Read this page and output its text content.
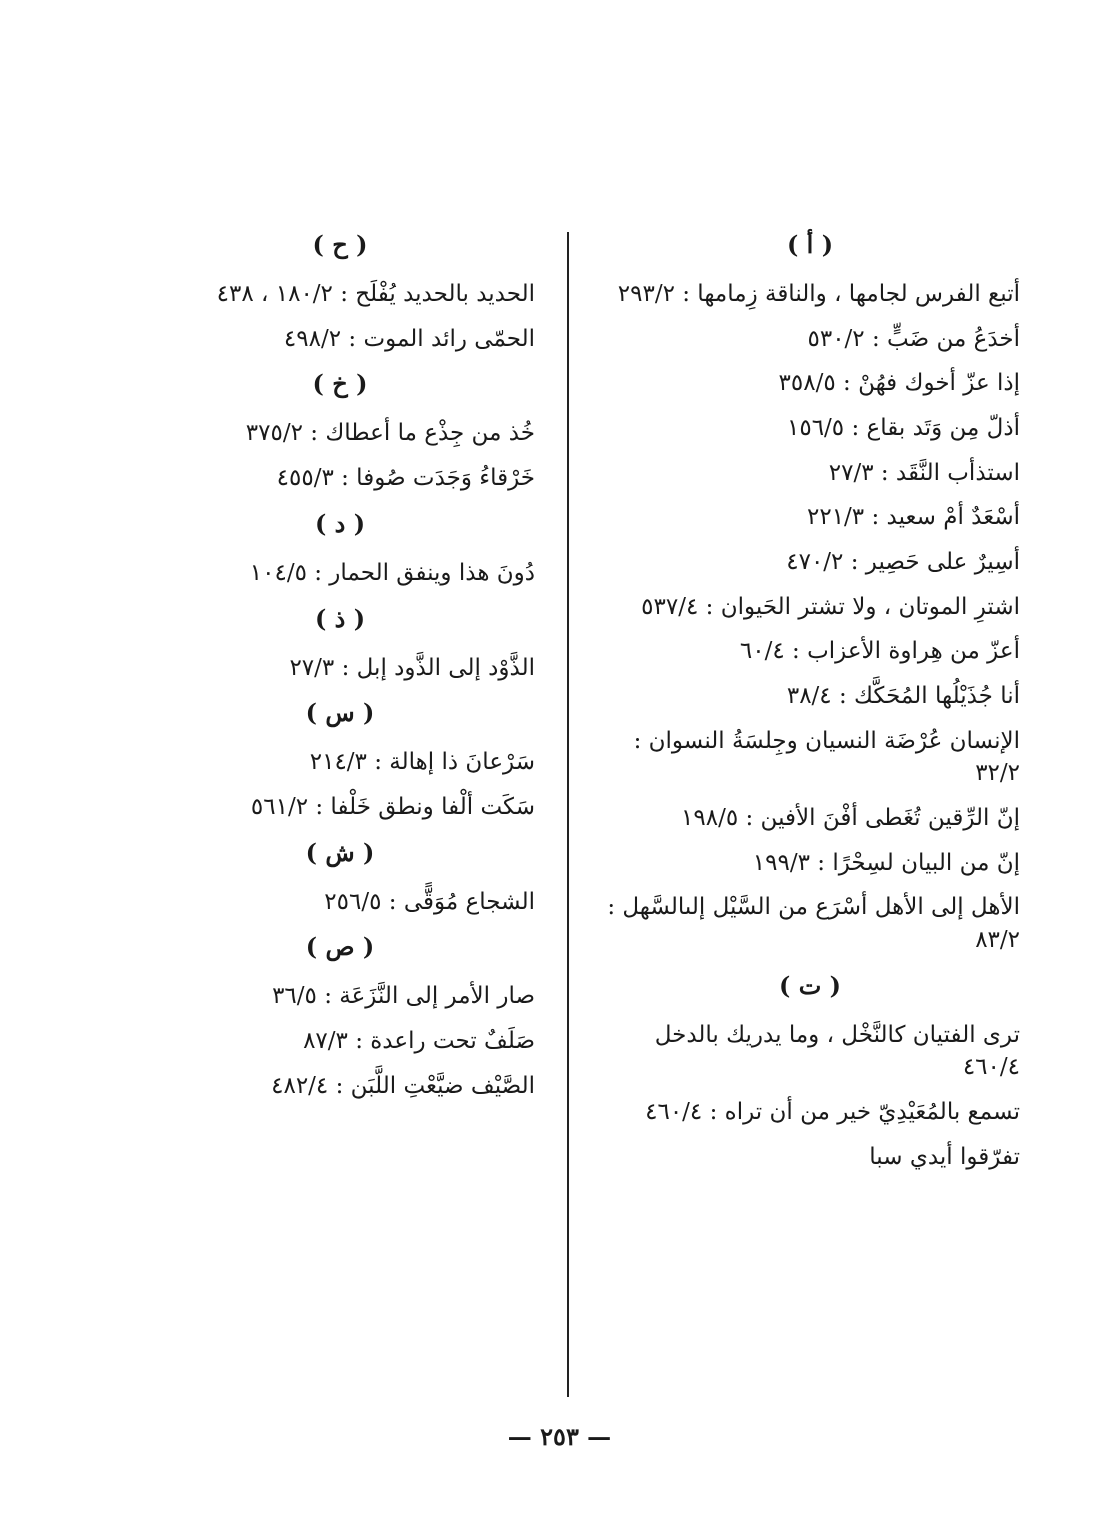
( أ )
أتبع الفرس لجامها ، والناقة زِمامها : ٢٩٣/٢
أخدَعُ من ضَبٍّ : ٥٣٠/٢
إذا عزّ أخوك فهُنْ : ٣٥٨/٥
أذلّ مِن وَتَد بقاع : ١٥٦/٥
استذأب النَّقَد : ٢٧/٣
أسْعَدٌ أمْ سعيد : ٢٢١/٣
أسِيرٌ على حَصِير : ٤٧٠/٢
اشترِ الموتان ، ولا تشتر الحَيوان : ٥٣٧/٤
أعزّ من هِراوة الأعزاب : ٦٠/٤
أنا جُذَيْلُها المُحَكَّك : ٣٨/٤
الإنسان عُرْضَة النسيان وجِلسَةُ النسوان : ٣٢/٢
إنّ الرِّقين تُغَطى أفْنَ الأفين : ١٩٨/٥
إنّ من البيان لسِحْرًا : ١٩٩/٣
الأهل إلى الأهل أسْرَع من السَّيْل إلىالسَّهل : ٨٣/٢
( ت )
ترى الفتيان كالنَّخْل ، وما يدريك بالدخل ٤٦٠/٤
تسمع بالمُعَيْدِيّ خير من أن تراه : ٤٦٠/٤
تفرّقوا أيدي سبا
( ح )
الحديد بالحديد يُفْلَح : ١٨٠/٢ ، ٤٣٨
الحمّى رائد الموت : ٤٩٨/٢
( خ )
خُذ من جِذْع ما أعطاك : ٣٧٥/٢
خَرْقاءُ وَجَدَت صُوفا : ٤٥٥/٣
( د )
دُونَ هذا وينفق الحمار : ١٠٤/٥
( ذ )
الذَّوْد إلى الذَّود إبل : ٢٧/٣
( س )
سَرْعانَ ذا إهالة : ٢١٤/٣
سَكَت ألْفا ونطق خَلْفا : ٥٦١/٢
( ش )
الشجاع مُوَقًّى : ٢٥٦/٥
( ص )
صار الأمر إلى النَّزَعَة : ٣٦/٥
صَلَفٌ تحت راعدة : ٨٧/٣
الصَّيْف ضيَّعْتِ اللَّبَن : ٤٨٢/٤
— ٢٥٣ —
